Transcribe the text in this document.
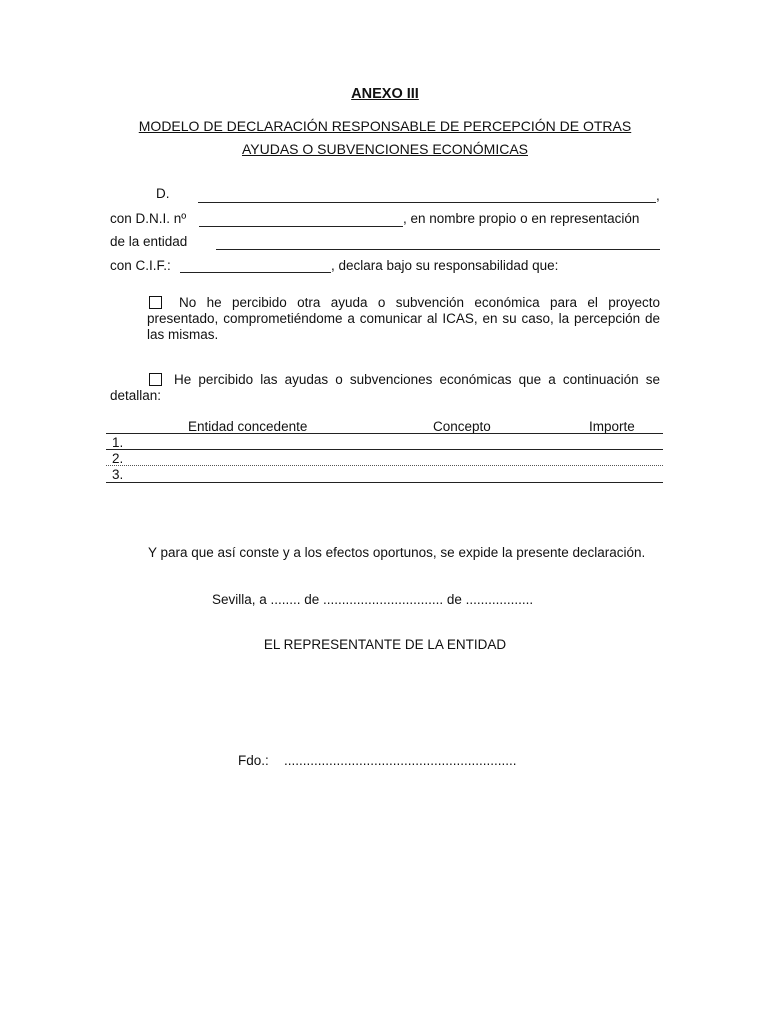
ANEXO III
MODELO DE DECLARACIÓN RESPONSABLE DE PERCEPCIÓN DE OTRAS
AYUDAS O SUBVENCIONES ECONÓMICAS
D.	,
con D.N.I. nº	, en nombre propio o en representación
de la entidad
con C.I.F.:	, declara bajo su responsabilidad que:
No he percibido otra ayuda o subvención económica para el proyecto presentado, comprometiéndome a comunicar al ICAS, en su caso, la percepción de las mismas.
He percibido las ayudas o subvenciones económicas que a continuación se detallan:
Entidad concedente	Concepto	Importe
1.
2.
3.
Y para que así conste y a los efectos oportunos, se expide la presente declaración.
Sevilla, a ........ de ................................ de ..................
EL REPRESENTANTE DE LA ENTIDAD
Fdo.: ..............................................................
